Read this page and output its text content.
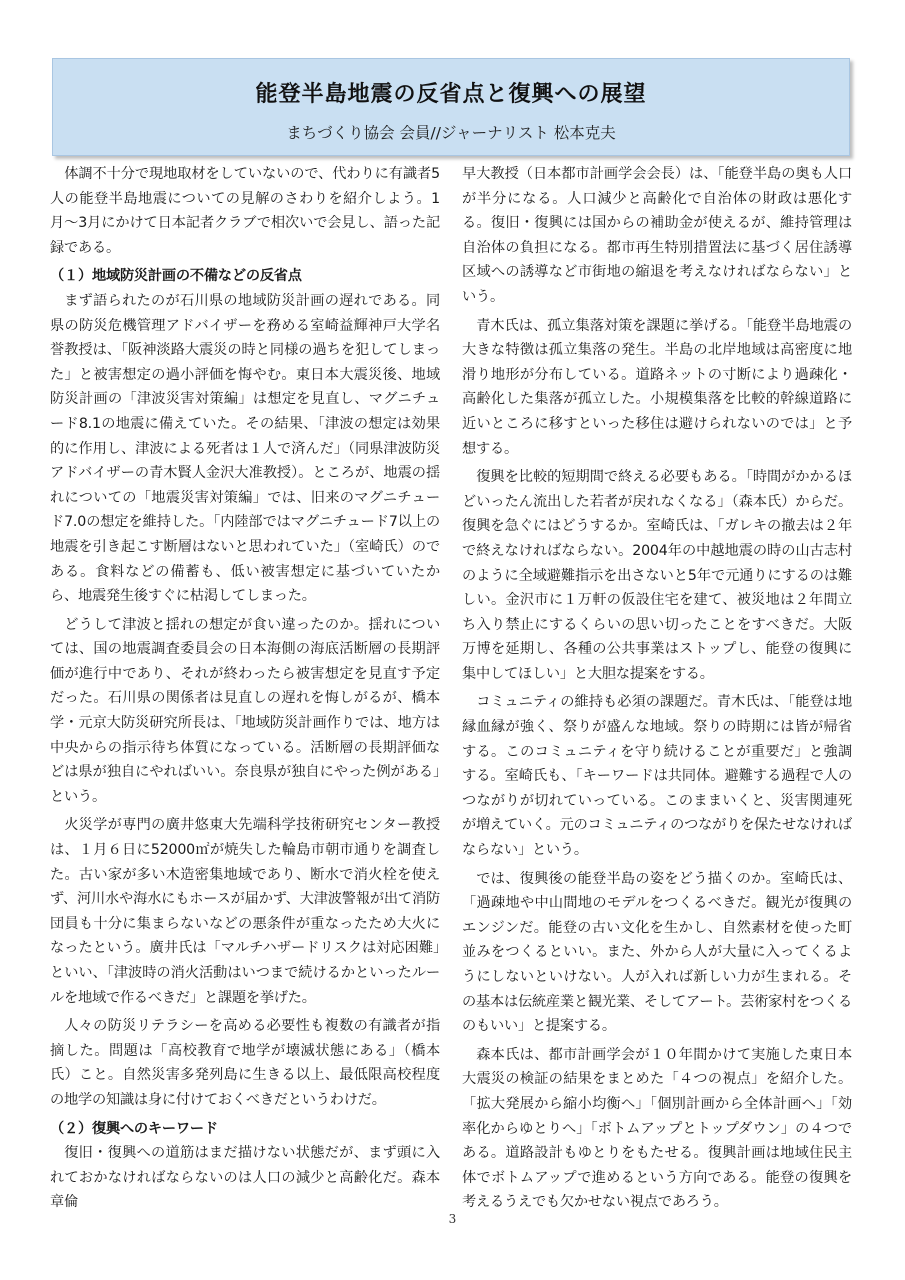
能登半島地震の反省点と復興への展望
まちづくり協会 会員//ジャーナリスト 松本克夫

体調不十分で現地取材をしていないので、代わりに有識者5人の能登半島地震についての見解のさわりを紹介しよう。1月〜3月にかけて日本記者クラブで相次いで会見し、語った記録である。

（１）地域防災計画の不備などの反省点

まず語られたのが石川県の地域防災計画の遅れである。同県の防災危機管理アドバイザーを務める室崎益輝神戸大学名誉教授は、「阪神淡路大震災の時と同様の過ちを犯してしまった」と被害想定の過小評価を悔やむ。東日本大震災後、地域防災計画の「津波災害対策編」は想定を見直し、マグニチュード8.1の地震に備えていた。その結果、「津波の想定は効果的に作用し、津波による死者は１人で済んだ」（同県津波防災アドバイザーの青木賢人金沢大准教授）。ところが、地震の揺れについての「地震災害対策編」では、旧来のマグニチュード7.0の想定を維持した。「内陸部ではマグニチュード7以上の地震を引き起こす断層はないと思われていた」（室崎氏）のである。食料などの備蓄も、低い被害想定に基づいていたから、地震発生後すぐに枯渇してしまった。

どうして津波と揺れの想定が食い違ったのか。揺れについては、国の地震調査委員会の日本海側の海底活断層の長期評価が進行中であり、それが終わったら被害想定を見直す予定だった。石川県の関係者は見直しの遅れを悔しがるが、橋本学・元京大防災研究所長は、「地域防災計画作りでは、地方は中央からの指示待ち体質になっている。活断層の長期評価などは県が独自にやればいい。奈良県が独自にやった例がある」という。

火災学が専門の廣井悠東大先端科学技術研究センター教授は、１月６日に52000㎡が焼失した輪島市朝市通りを調査した。古い家が多い木造密集地域であり、断水で消火栓を使えず、河川水や海水にもホースが届かず、大津波警報が出て消防団員も十分に集まらないなどの悪条件が重なったため大火になったという。廣井氏は「マルチハザードリスクは対応困難」といい、「津波時の消火活動はいつまで続けるかといったルールを地域で作るべきだ」と課題を挙げた。

人々の防災リテラシーを高める必要性も複数の有識者が指摘した。問題は「高校教育で地学が壊滅状態にある」（橋本氏）こと。自然災害多発列島に生きる以上、最低限高校程度の地学の知識は身に付けておくべきだというわけだ。

（２）復興へのキーワード

復旧・復興への道筋はまだ描けない状態だが、まず頭に入れておかなければならないのは人口の減少と高齢化だ。森本章倫

早大教授（日本都市計画学会会長）は、「能登半島の奥も人口が半分になる。人口減少と高齢化で自治体の財政は悪化する。復旧・復興には国からの補助金が使えるが、維持管理は自治体の負担になる。都市再生特別措置法に基づく居住誘導区域への誘導など市街地の縮退を考えなければならない」という。

青木氏は、孤立集落対策を課題に挙げる。「能登半島地震の大きな特徴は孤立集落の発生。半島の北岸地域は高密度に地滑り地形が分布している。道路ネットの寸断により過疎化・高齢化した集落が孤立した。小規模集落を比較的幹線道路に近いところに移すといった移住は避けられないのでは」と予想する。

復興を比較的短期間で終える必要もある。「時間がかかるほどいったん流出した若者が戻れなくなる」（森本氏）からだ。復興を急ぐにはどうするか。室崎氏は、「ガレキの撤去は２年で終えなければならない。2004年の中越地震の時の山古志村のように全域避難指示を出さないと5年で元通りにするのは難しい。金沢市に１万軒の仮設住宅を建て、被災地は２年間立ち入り禁止にするくらいの思い切ったことをすべきだ。大阪万博を延期し、各種の公共事業はストップし、能登の復興に集中してほしい」と大胆な提案をする。

コミュニティの維持も必須の課題だ。青木氏は、「能登は地縁血縁が強く、祭りが盛んな地域。祭りの時期には皆が帰省する。このコミュニティを守り続けることが重要だ」と強調する。室崎氏も、「キーワードは共同体。避難する過程で人のつながりが切れていっている。このままいくと、災害関連死が増えていく。元のコミュニティのつながりを保たせなければならない」という。

では、復興後の能登半島の姿をどう描くのか。室崎氏は、「過疎地や中山間地のモデルをつくるべきだ。観光が復興のエンジンだ。能登の古い文化を生かし、自然素材を使った町並みをつくるといい。また、外から人が大量に入ってくるようにしないといけない。人が入れば新しい力が生まれる。その基本は伝統産業と観光業、そしてアート。芸術家村をつくるのもいい」と提案する。

森本氏は、都市計画学会が１０年間かけて実施した東日本大震災の検証の結果をまとめた「４つの視点」を紹介した。「拡大発展から縮小均衡へ」「個別計画から全体計画へ」「効率化からゆとりへ」「ボトムアップとトップダウン」の４つである。道路設計もゆとりをもたせる。復興計画は地域住民主体でボトムアップで進めるという方向である。能登の復興を考えるうえでも欠かせない視点であろう。

3
